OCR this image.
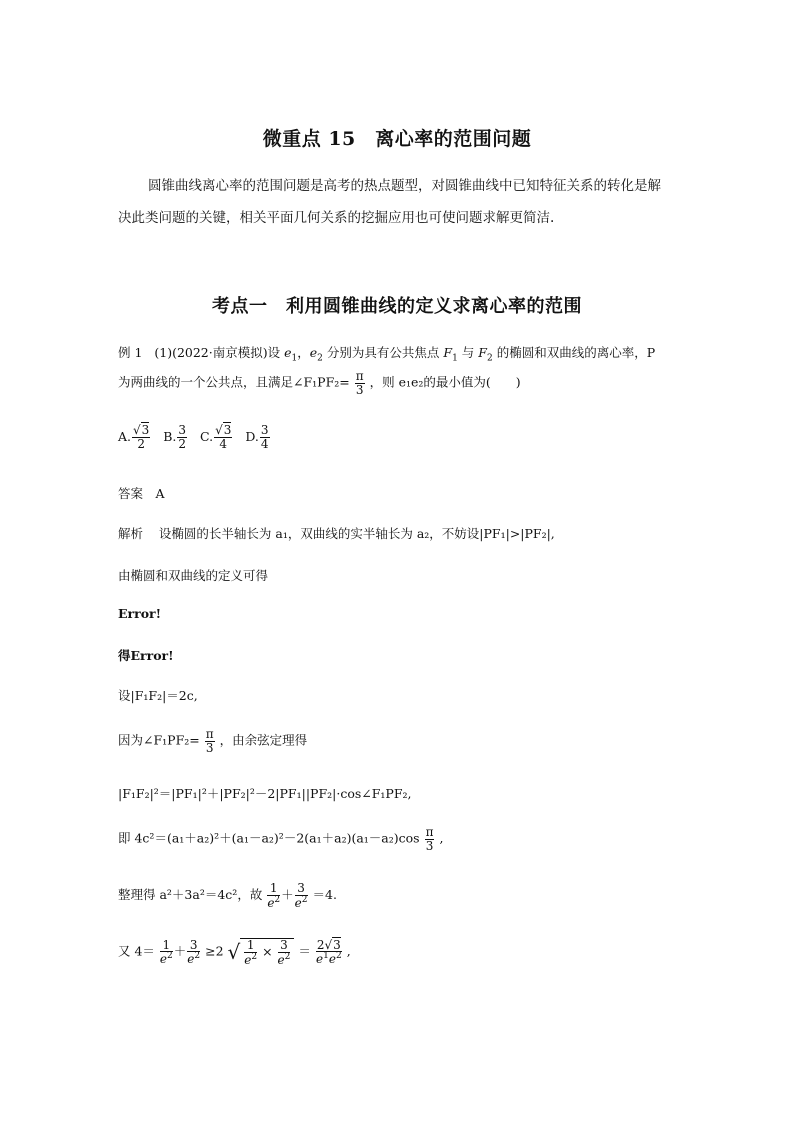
微重点 15　离心率的范围问题
圆锥曲线离心率的范围问题是高考的热点题型，对圆锥曲线中已知特征关系的转化是解
决此类问题的关键，相关平面几何关系的挖掘应用也可使问题求解更简洁.
考点一　利用圆锥曲线的定义求离心率的范围
例 1 (1)(2022·南京模拟)设 $e_1$，$e_2$ 分别为具有公共焦点 $F_1$ 与 $F_2$ 的椭圆和双曲线的离心率，P
为两曲线的一个公共点，且满足∠F₁PF₂= $\frac{\pi}{3}$ ，则 e₁e₂的最小值为(　　)
A. $\frac{√3}{2} B$. $\frac{3}{2} C$. $\frac{√3}{4} D$. $\frac{3}{4}$
答案　A
解析 设椭圆的长半轴长为 a₁，双曲线的实半轴长为 a₂，不妨设|PF₁|>|PF₂|,
由椭圆和双曲线的定义可得
Error!
得Error!
设|F₁F₂|＝2c,
因为∠F₁PF₂= $\frac{\pi}{3}$ ，由余弦定理得
|F₁F₂|²＝|PF₁|²＋|PF₂|²－2|PF₁||PF₂|·cos∠F₁PF₂,
即 $4c^2=(a_1+a_2)^2+(a_1-a_2)^2-2(a_1+a_2)(a_1-a_2)\cos \frac{\pi}{3}$ ,
整理得 a²＋3a²＝4c²，故 $\frac{1}{e^2} + \frac{3}{e^2} =4$.
又 $4= \frac{1}{e^2} + \frac{3}{e^2} \ge 2$ √ $\frac{1}{e^2} \times \frac{3}{e^2} = \frac{2√3}{e^1e^2}$ ,
